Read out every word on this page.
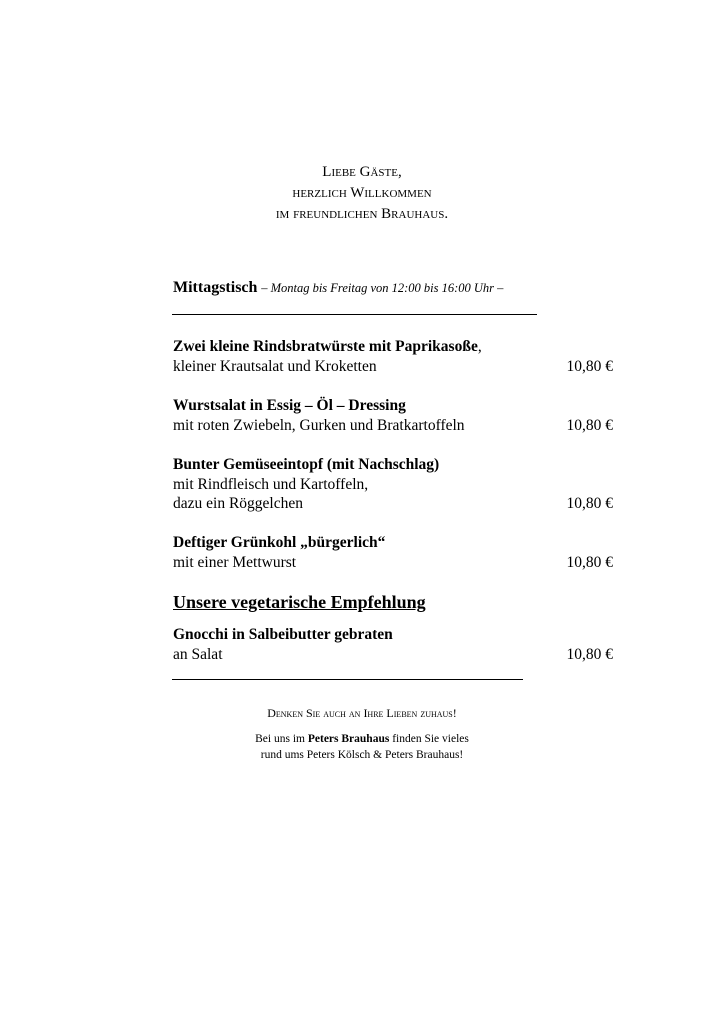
Liebe Gäste,
herzlich Willkommen
im freundlichen Brauhaus.
Mittagstisch – Montag bis Freitag von 12:00 bis 16:00 Uhr –
Zwei kleine Rindsbratwürste mit Paprikasoße,
kleiner Krautsalat und Kroketten	10,80 €
Wurstsalat in Essig – Öl – Dressing
mit roten Zwiebeln, Gurken und Bratkartoffeln	10,80 €
Bunter Gemüseeintopf (mit Nachschlag)
mit Rindfleisch und Kartoffeln,
dazu ein Röggelchen	10,80 €
Deftiger Grünkohl „bürgerlich“
mit einer Mettwurst	10,80 €
Unsere vegetarische Empfehlung
Gnocchi in Salbeibutter gebraten
an Salat	10,80 €
Denken Sie auch an Ihre Lieben zuhaus!
Bei uns im Peters Brauhaus finden Sie vieles
rund ums Peters Kölsch & Peters Brauhaus!
